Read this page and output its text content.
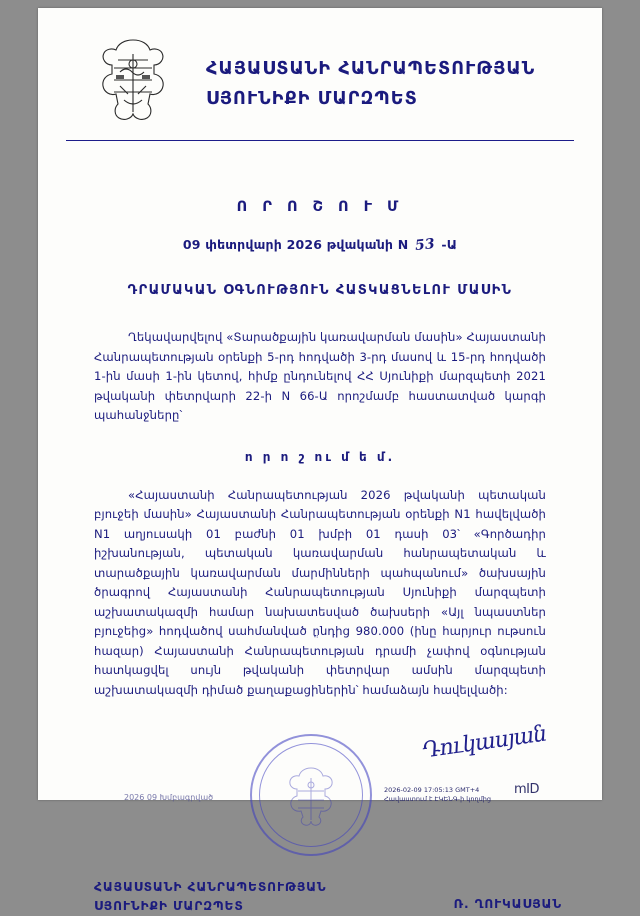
ՀԱՅԱՍՏԱՆԻ ՀԱՆՐԱՊԵՏՈՒԹՅԱՆ
ՍՅՈՒՆԻՔԻ ՄԱՐԶՊԵՏ
Ո Ր Ո Շ Ո Ւ Մ
09 փետրվարի 2026 թվականի N 53 -Ա
ԴՐԱՄԱԿԱՆ ՕԳՆՈՒԹՅՈՒՆ ՀԱՏԿԱՑՆԵԼՈՒ ՄԱՍԻՆ
Ղեկավարվելով «Տարածքային կառավարման մասին» Հայաստանի Հանրապետության օրենքի 5-րդ հոդվածի 3-րդ մասով և 15-րդ հոդվածի 1-ին մասի 1-ին կետով, հիմք ընդունելով ՀՀ Սյունիքի մարզպետի 2021 թվականի փետրվարի 22-ի N 66-Ա որոշմամբ հաստատված կարգի պահանջները՝
ո ր ո շ ու մ ե մ.
«Հայաստանի Հանրապետության 2026 թվականի պետական բյուջեի մասին» Հայաստանի Հանրապետության օրենքի N1 հավելվածի N1 աղյուսակի 01 բաժնի 01 խմբի 01 դասի 03՝ «Գործադիր իշխանության, պետական կառավարման հանրապետական և տարածքային կառավարման մարմինների պահպանում» ծախսային ծրագրով Հայաստանի Հանրապետության Սյունիքի մարզպետի աշխատակազմի համար նախատեսված ծախսերի «Այլ նպաստներ բյուջեից» հոդվածով սահմանված ֳոնդից 980.000 (ինը հարյուր ութսուն հազար) Հայաստանի Հանրապետության դրամի չափով օգնության հատկացվել սույն թվականի փետրվար ամսին մարզպետի աշխատակազմի դիմած քաղաքացիներին՝ համաձայն հավելվածի:
Դուկասյան
2026-02-09 17:05:13 GMT+4
Հավաստում է ԷԿԵՆԳ-ի կողմից
mID
ՀԱՅԱՍՏԱՆԻ ՀԱՆՐԱՊԵՏՈՒԹՅԱՆ
ՍՅՈՒՆԻՔԻ ՄԱՐԶՊԵՏ	Ռ. ՂՈՒԿԱՍՅԱՆ
2026 09 Խմբագրված
